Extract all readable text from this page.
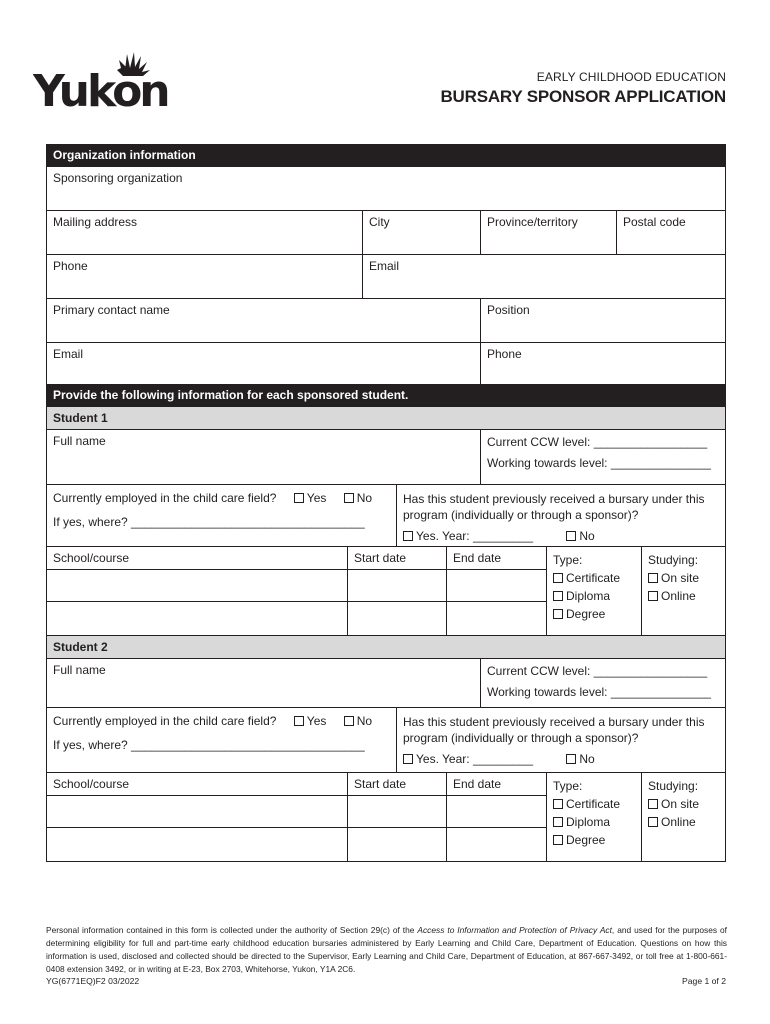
Yukon	EARLY CHILDHOOD EDUCATION
BURSARY SPONSOR APPLICATION
Organization information
Sponsoring organization
Mailing address	City	Province/territory	Postal code
Phone	Email
Primary contact name	Position
Email	Phone
Provide the following information for each sponsored student.
Student 1
Full name	Current CCW level: _________________
Working towards level: _______________
Currently employed in the child care field?	Yes	No
If yes, where? ___________________________________
Has this student previously received a bursary under this program (individually or through a sponsor)?
Yes. Year: _________	No
School/course	Start date	End date	Type:
Certificate
Diploma
Degree
Studying:
On site
Online
Student 2
Full name	Current CCW level: _________________
Working towards level: _______________
Currently employed in the child care field?	Yes	No
If yes, where? ___________________________________
Has this student previously received a bursary under this program (individually or through a sponsor)?
Yes. Year: _________	No
School/course	Start date	End date	Type:
Certificate
Diploma
Degree
Studying:
On site
Online
Personal information contained in this form is collected under the authority of Section 29(c) of the Access to Information and Protection of Privacy Act, and used for the purposes of determining eligibility for full and part-time early childhood education bursaries administered by Early Learning and Child Care, Department of Education. Questions on how this information is used, disclosed and collected should be directed to the Supervisor, Early Learning and Child Care, Department of Education, at 867-667-3492, or toll free at 1-800-661-0408 extension 3492, or in writing at E-23, Box 2703, Whitehorse, Yukon, Y1A 2C6.
YG(6771EQ)F2 03/2022	Page 1 of 2
